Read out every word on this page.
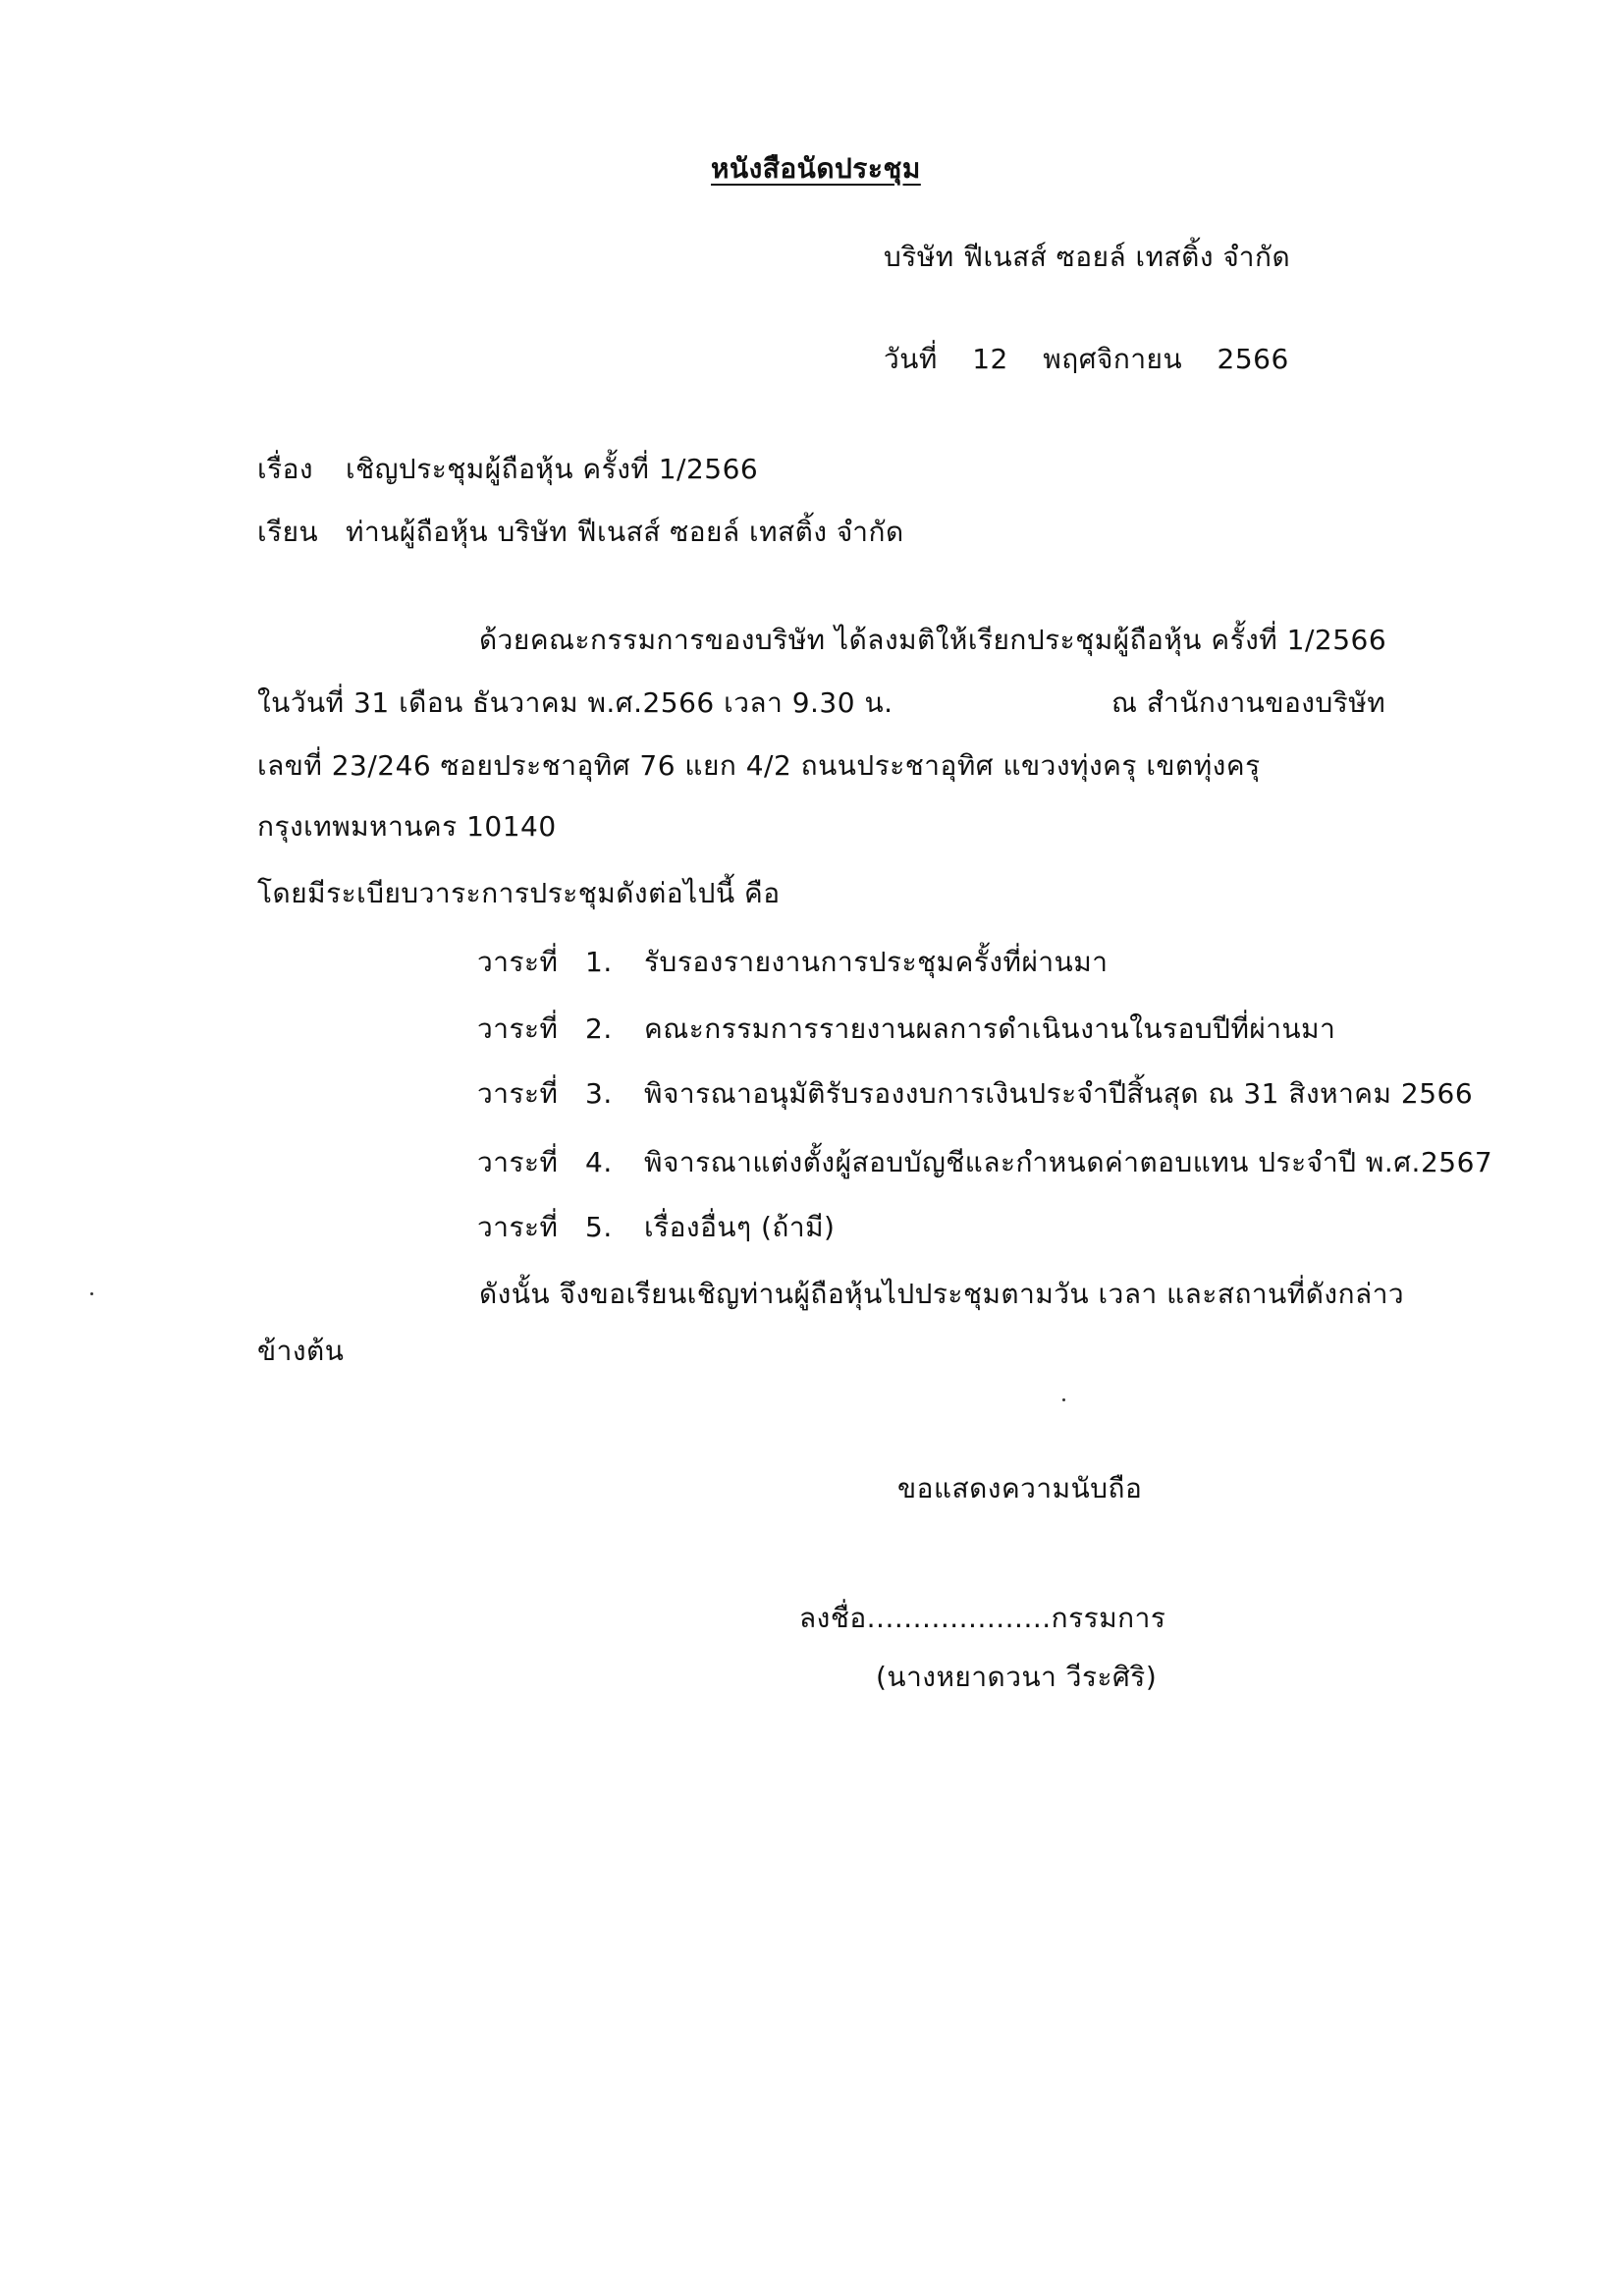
หนังสือนัดประชุม
บริษัท ฟีเนสส์ ซอยล์ เทสติ้ง จำกัด
วันที่ 12 พฤศจิกายน 2566
เรื่อง เชิญประชุมผู้ถือหุ้น ครั้งที่ 1/2566
เรียน ท่านผู้ถือหุ้น บริษัท ฟีเนสส์ ซอยล์ เทสติ้ง จำกัด
ด้วยคณะกรรมการของบริษัท ได้ลงมติให้เรียกประชุมผู้ถือหุ้น ครั้งที่ 1/2566
ในวันที่ 31 เดือน ธันวาคม พ.ศ.2566 เวลา 9.30 น.	ณ สำนักงานของบริษัท
เลขที่ 23/246 ซอยประชาอุทิศ 76 แยก 4/2 ถนนประชาอุทิศ แขวงทุ่งครุ เขตทุ่งครุ
กรุงเทพมหานคร 10140
โดยมีระเบียบวาระการประชุมดังต่อไปนี้ คือ
วาระที่ 1. รับรองรายงานการประชุมครั้งที่ผ่านมา
วาระที่ 2. คณะกรรมการรายงานผลการดำเนินงานในรอบปีที่ผ่านมา
วาระที่ 3. พิจารณาอนุมัติรับรองงบการเงินประจำปีสิ้นสุด ณ 31 สิงหาคม 2566
วาระที่ 4. พิจารณาแต่งตั้งผู้สอบบัญชีและกำหนดค่าตอบแทน ประจำปี พ.ศ.2567
วาระที่ 5. เรื่องอื่นๆ (ถ้ามี)
ดังนั้น จึงขอเรียนเชิญท่านผู้ถือหุ้นไปประชุมตามวัน เวลา และสถานที่ดังกล่าว
ข้างต้น
ขอแสดงความนับถือ
ลงชื่อ....................กรรมการ
(นางหยาดวนา วีระศิริ)
